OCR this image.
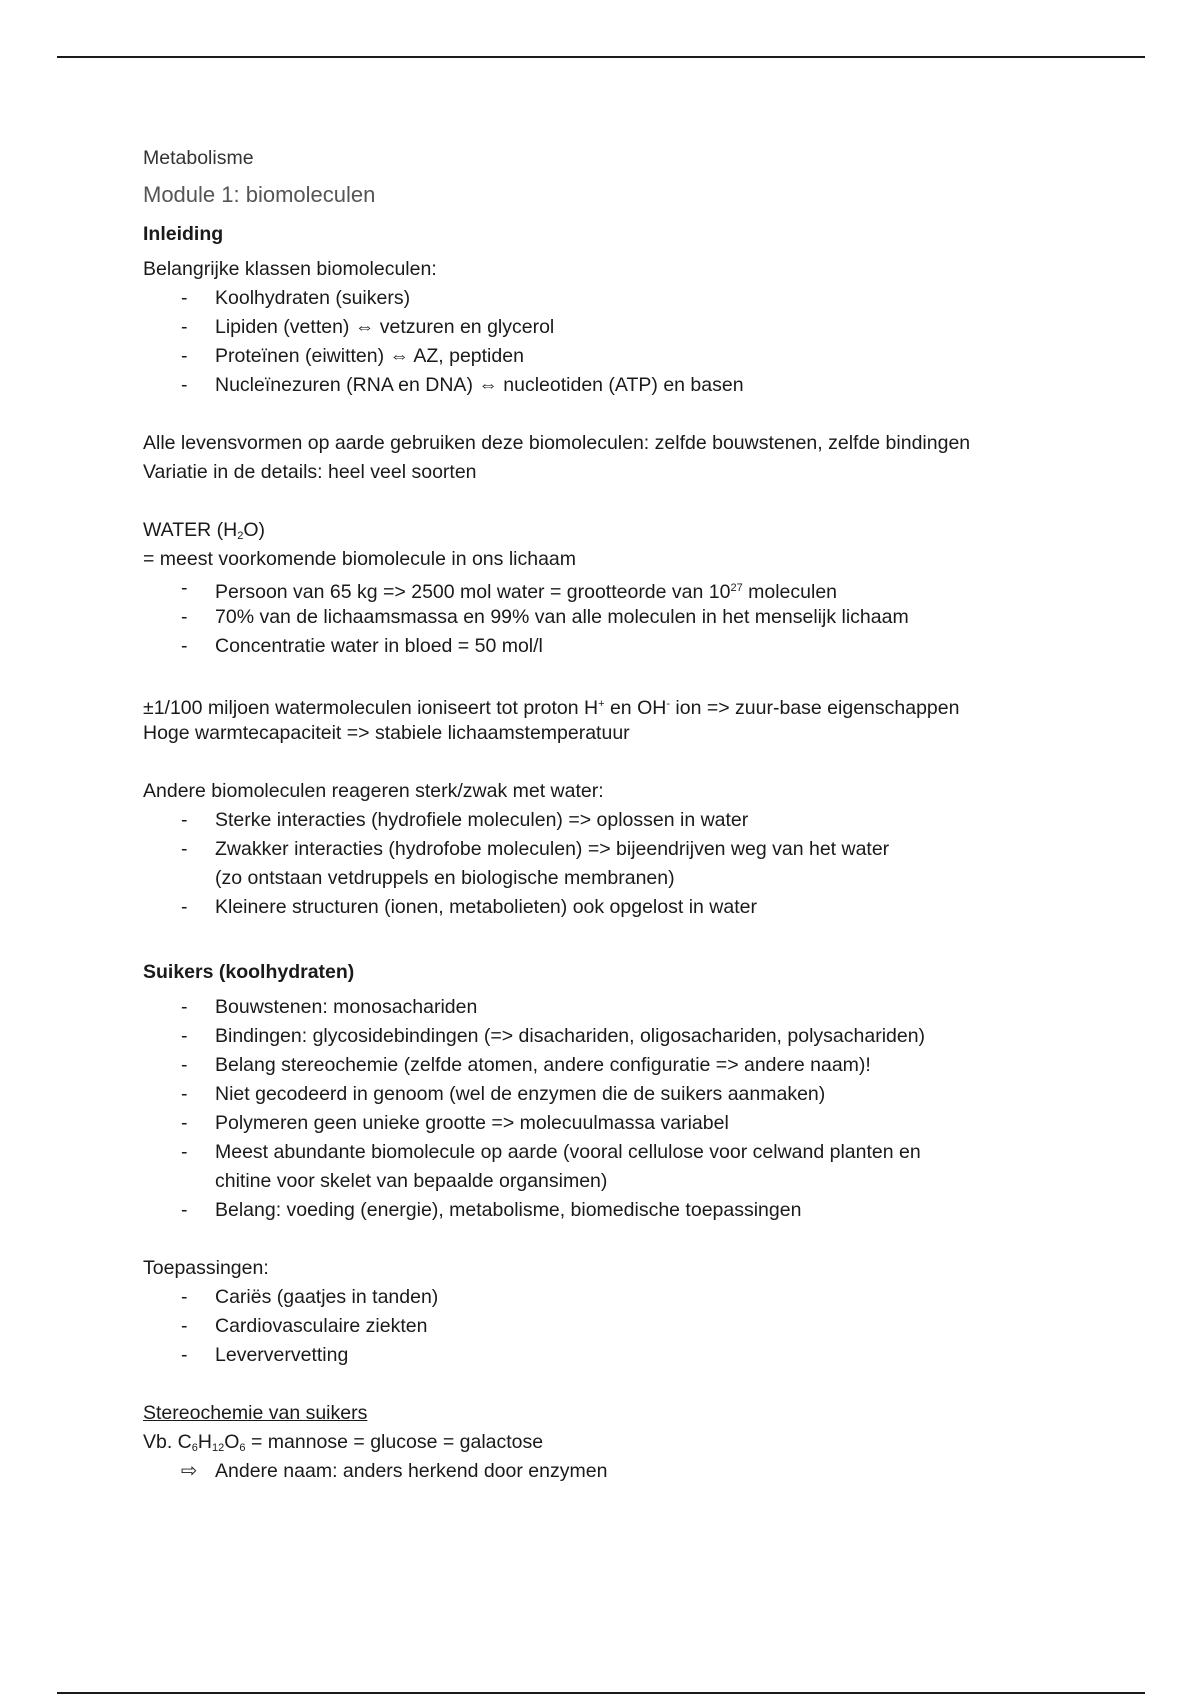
Metabolisme
Module 1: biomoleculen
Inleiding
Belangrijke klassen biomoleculen:
- Koolhydraten (suikers)
- Lipiden (vetten) ⇔ vetzuren en glycerol
- Proteïnen (eiwitten) ⇔ AZ, peptiden
- Nucleïnezuren (RNA en DNA) ⇔ nucleotiden (ATP) en basen
Alle levensvormen op aarde gebruiken deze biomoleculen: zelfde bouwstenen, zelfde bindingen
Variatie in de details: heel veel soorten
WATER $(H_2O)$
= meest voorkomende biomolecule in ons lichaam
- Persoon van 65 kg => 2500 mol water = grootteorde van $10^{27}$ moleculen
- 70% van de lichaamsmassa en 99% van alle moleculen in het menselijk lichaam
- Concentratie water in bloed = 50 mol/l
±1/100 miljoen watermoleculen ioniseert tot proton H+ en OH- ion => zuur-base eigenschappen
Hoge warmtecapaciteit => stabiele lichaamstemperatuur
Andere biomoleculen reageren sterk/zwak met water:
- Sterke interacties (hydrofiele moleculen) => oplossen in water
- Zwakker interacties (hydrofobe moleculen) => bijeendrijven weg van het water
(zo ontstaan vetdruppels en biologische membranen)
- Kleinere structuren (ionen, metabolieten) ook opgelost in water
Suikers (koolhydraten)
- Bouwstenen: monosachariden
- Bindingen: glycosidebindingen (=> disachariden, oligosachariden, polysachariden)
- Belang stereochemie (zelfde atomen, andere configuratie => andere naam)!
- Niet gecodeerd in genoom (wel de enzymen die de suikers aanmaken)
- Polymeren geen unieke grootte => molecuulmassa variabel
- Meest abundante biomolecule op aarde (vooral cellulose voor celwand planten en
chitine voor skelet van bepaalde organsimen)
- Belang: voeding (energie), metabolisme, biomedische toepassingen
Toepassingen:
- Cariës (gaatjes in tanden)
- Cardiovasculaire ziekten
- Leververvetting
Stereochemie van suikers
Vb. $C_6H_{12}O_6$ = mannose = glucose = galactose
⇨ Andere naam: anders herkend door enzymen
